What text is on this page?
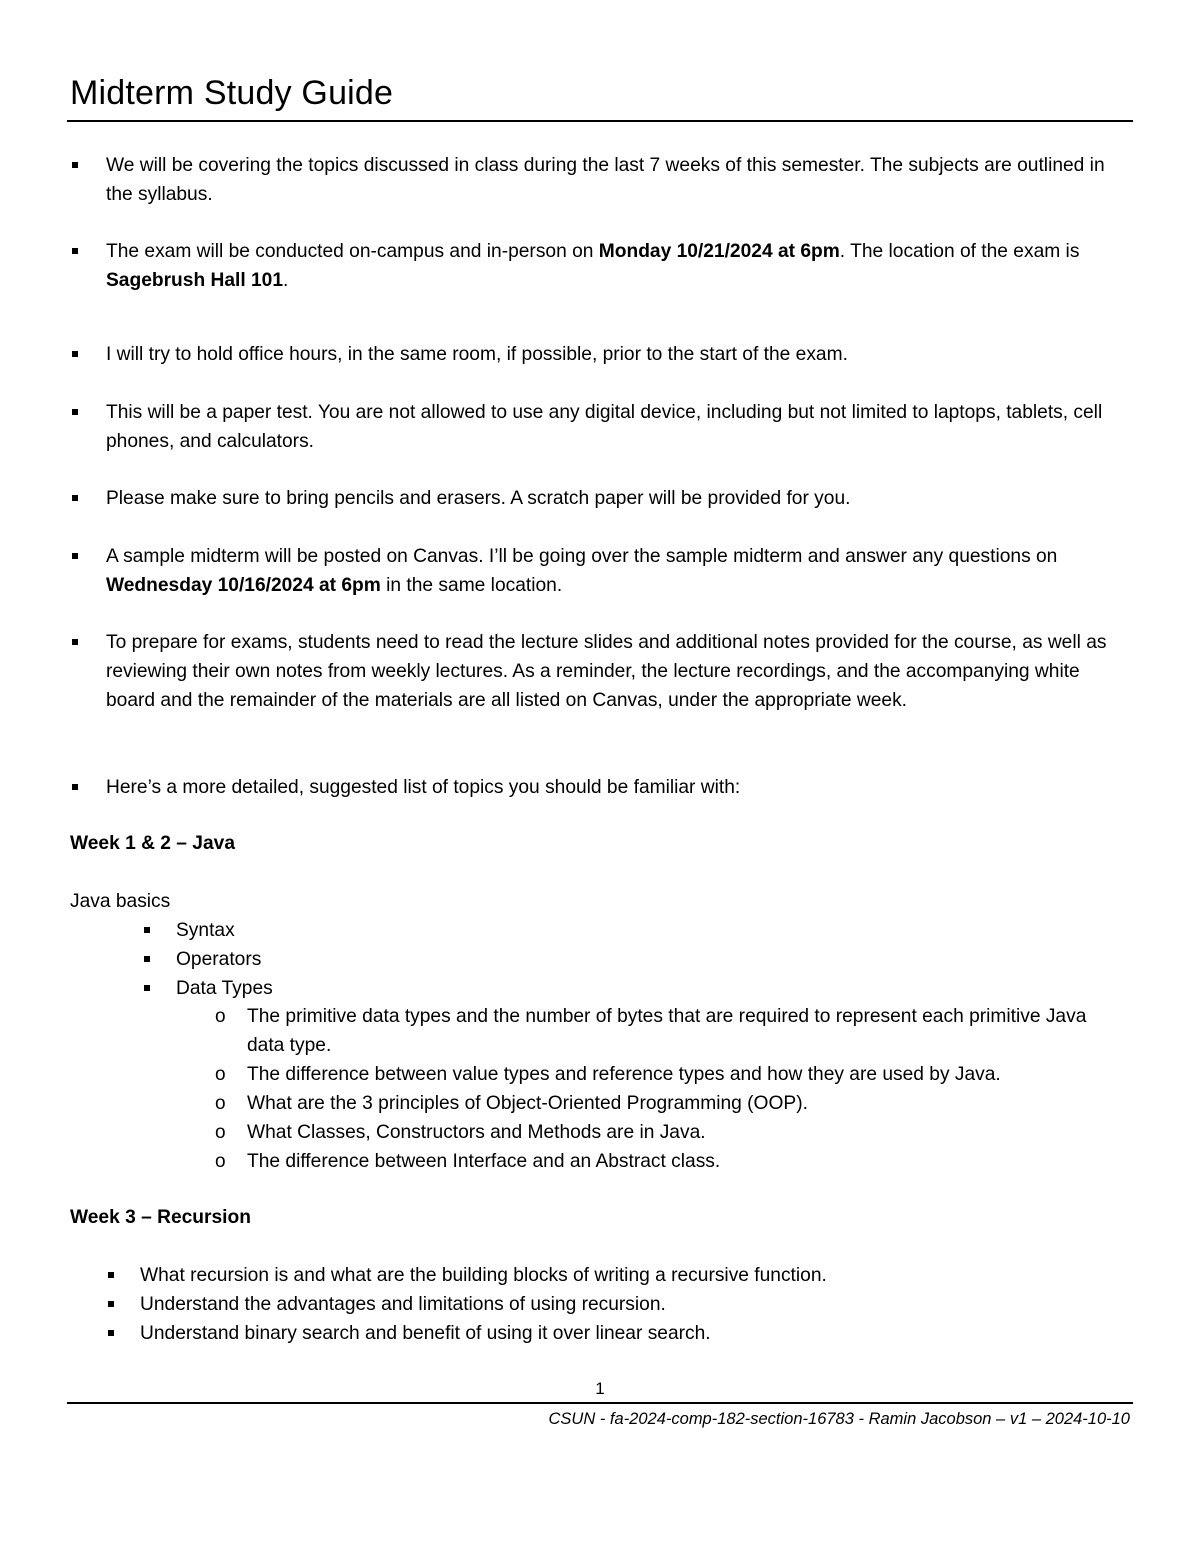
Midterm Study Guide
We will be covering the topics discussed in class during the last 7 weeks of this semester. The subjects are outlined in the syllabus.
The exam will be conducted on-campus and in-person on Monday 10/21/2024 at 6pm. The location of the exam is Sagebrush Hall 101.
I will try to hold office hours, in the same room, if possible, prior to the start of the exam.
This will be a paper test. You are not allowed to use any digital device, including but not limited to laptops, tablets, cell phones, and calculators.
Please make sure to bring pencils and erasers. A scratch paper will be provided for you.
A sample midterm will be posted on Canvas. I’ll be going over the sample midterm and answer any questions on Wednesday 10/16/2024 at 6pm in the same location.
To prepare for exams, students need to read the lecture slides and additional notes provided for the course, as well as reviewing their own notes from weekly lectures. As a reminder, the lecture recordings, and the accompanying white board and the remainder of the materials are all listed on Canvas, under the appropriate week.
Here’s a more detailed, suggested list of topics you should be familiar with:
Week 1 & 2 – Java
Java basics
Syntax
Operators
Data Types
o The primitive data types and the number of bytes that are required to represent each primitive Java data type.
o The difference between value types and reference types and how they are used by Java.
o What are the 3 principles of Object-Oriented Programming (OOP).
o What Classes, Constructors and Methods are in Java.
o The difference between Interface and an Abstract class.
Week 3 – Recursion
What recursion is and what are the building blocks of writing a recursive function.
Understand the advantages and limitations of using recursion.
Understand binary search and benefit of using it over linear search.
1
CSUN - fa-2024-comp-182-section-16783 - Ramin Jacobson – v1 – 2024-10-10
